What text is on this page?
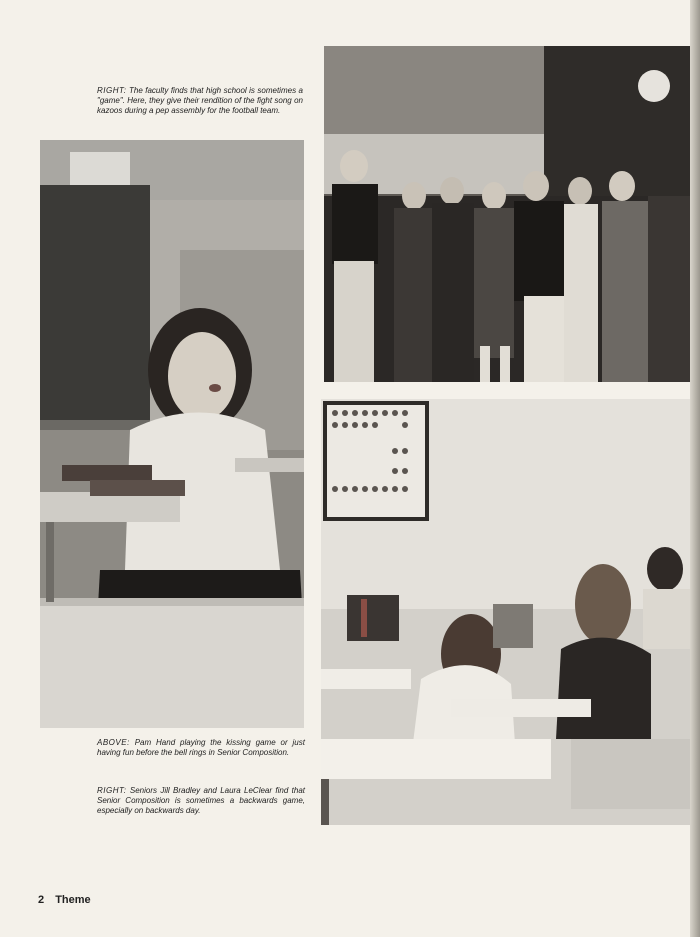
RIGHT: The faculty finds that high school is sometimes a "game". Here, they give their rendition of the fight song on kazoos during a pep assembly for the football team.
ABOVE: Pam Hand playing the kissing game or just having fun before the bell rings in Senior Composition.
RIGHT: Seniors Jill Bradley and Laura LeClear find that Senior Composition is sometimes a backwards game, especially on backwards day.
2 Theme
